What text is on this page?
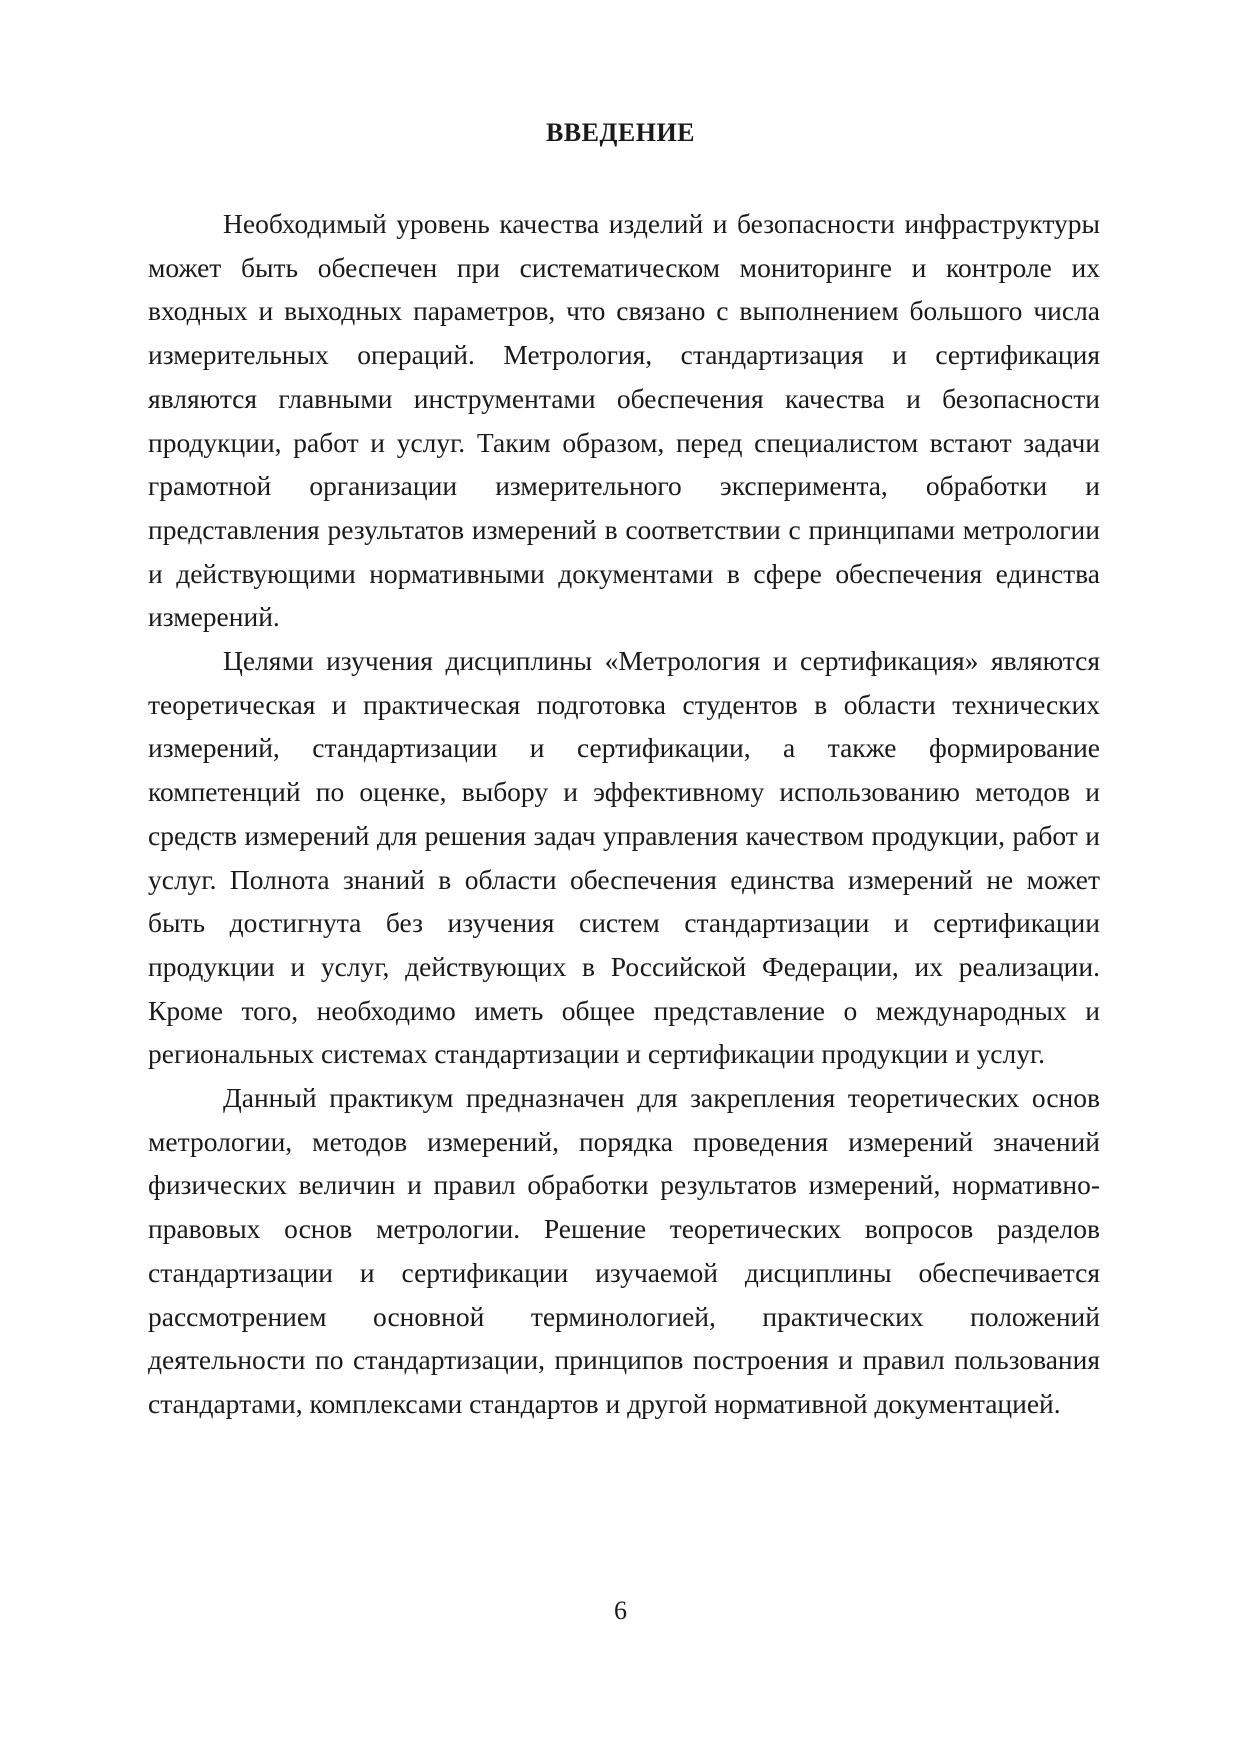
ВВЕДЕНИЕ

Необходимый уровень качества изделий и безопасности инфраструктуры может быть обеспечен при систематическом мониторинге и контроле их входных и выходных параметров, что связано с выполнением большого числа измерительных операций. Метрология, стандартизация и сертификация являются главными инструментами обеспечения качества и безопасности продукции, работ и услуг. Таким образом, перед специалистом встают задачи грамотной организации измерительного эксперимента, обработки и представления результатов измерений в соответствии с принципами метрологии и действующими нормативными документами в сфере обеспечения единства измерений.

Целями изучения дисциплины «Метрология и сертификация» являются теоретическая и практическая подготовка студентов в области технических измерений, стандартизации и сертификации, а также формирование компетенций по оценке, выбору и эффективному использованию методов и средств измерений для решения задач управления качеством продукции, работ и услуг. Полнота знаний в области обеспечения единства измерений не может быть достигнута без изучения систем стандартизации и сертификации продукции и услуг, действующих в Российской Федерации, их реализации. Кроме того, необходимо иметь общее представление о международных и региональных системах стандартизации и сертификации продукции и услуг.

Данный практикум предназначен для закрепления теоретических основ метрологии, методов измерений, порядка проведения измерений значений физических величин и правил обработки результатов измерений, нормативно-правовых основ метрологии. Решение теоретических вопросов разделов стандартизации и сертификации изучаемой дисциплины обеспечивается рассмотрением основной терминологией, практических положений деятельности по стандартизации, принципов построения и правил пользования стандартами, комплексами стандартов и другой нормативной документацией.

6
